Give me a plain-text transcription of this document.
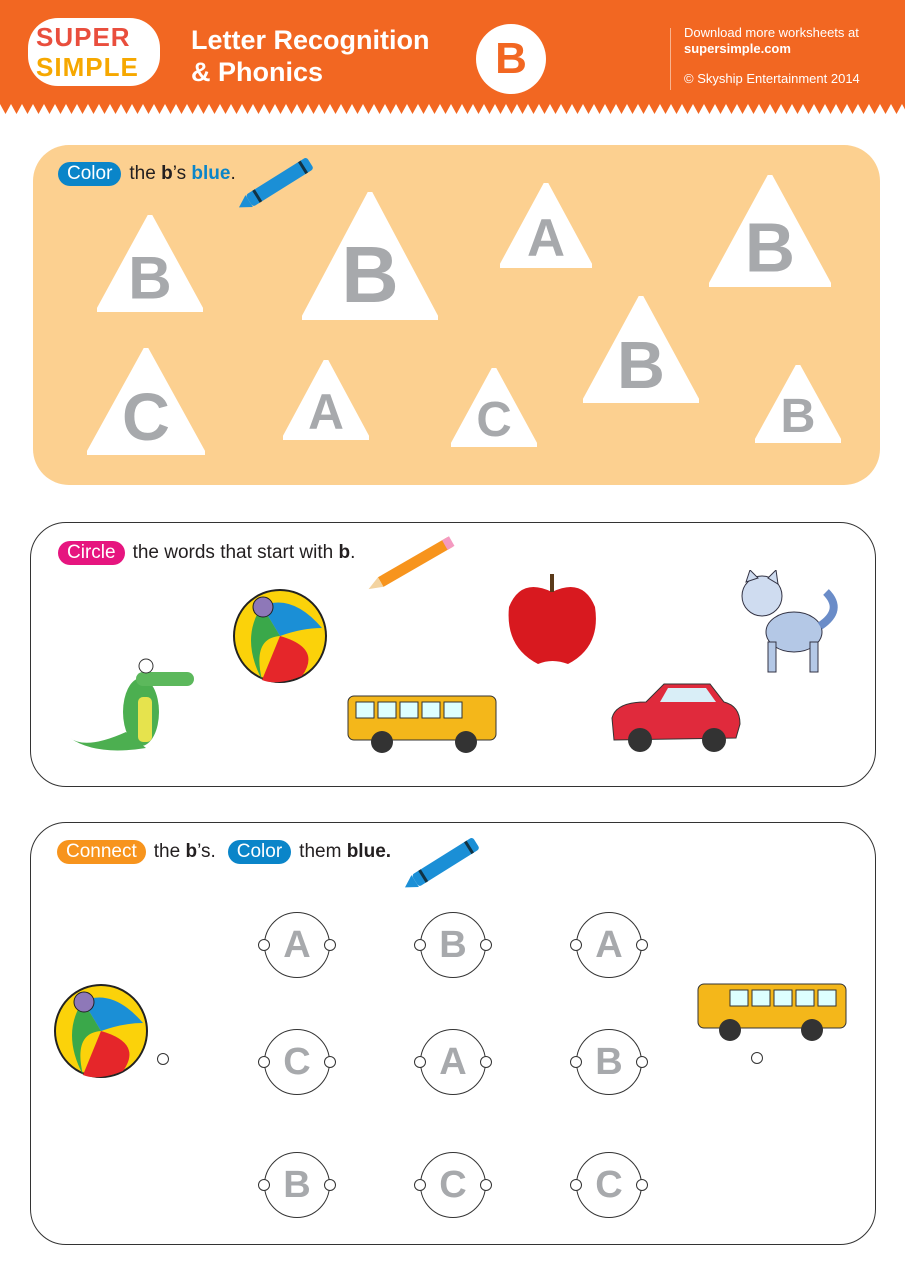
SUPER
SIMPLE
Letter Recognition
& Phonics	B
Download more worksheets at
supersimple.com
© Skyship Entertainment 2014
Color the b’s blue.
B B A	B
C	A	C
B
B
Circle the words that start with b.
Connect the b’s.	Color them blue.
A	B	A
C	A	B
B	C	C
